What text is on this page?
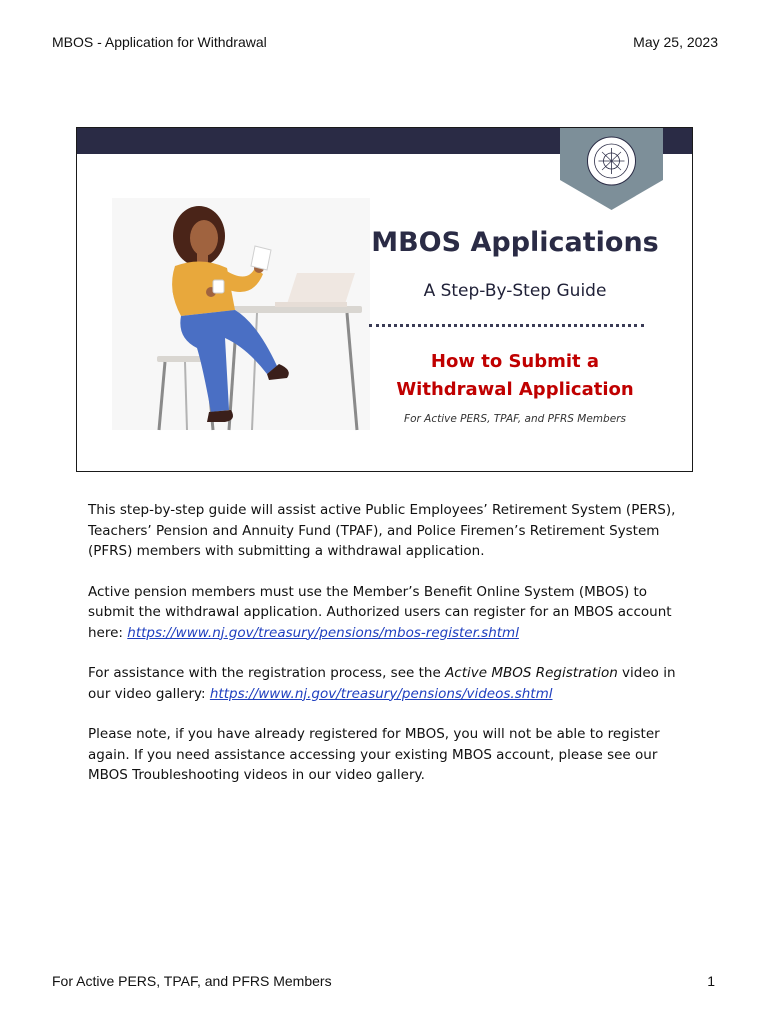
MBOS - Application for Withdrawal	May 25, 2023
MBOS Applications
A Step-By-Step Guide
How to Submit a
Withdrawal Application
For Active PERS, TPAF, and PFRS Members

This step-by-step guide will assist active Public Employees’ Retirement System (PERS), Teachers’ Pension and Annuity Fund (TPAF), and Police Firemen’s Retirement System (PFRS) members with submitting a withdrawal application.

Active pension members must use the Member’s Benefit Online System (MBOS) to submit the withdrawal application. Authorized users can register for an MBOS account here: https://www.nj.gov/treasury/pensions/mbos-register.shtml

For assistance with the registration process, see the Active MBOS Registration video in our video gallery: https://www.nj.gov/treasury/pensions/videos.shtml

Please note, if you have already registered for MBOS, you will not be able to register again. If you need assistance accessing your existing MBOS account, please see our MBOS Troubleshooting videos in our video gallery.

For Active PERS, TPAF, and PFRS Members	1
